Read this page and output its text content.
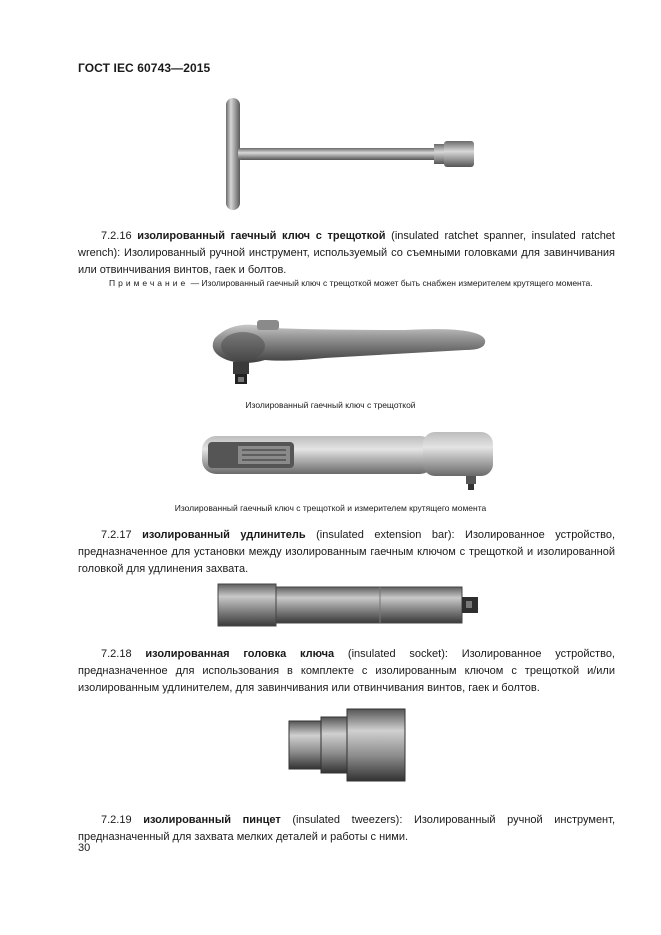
ГОСТ IEC 60743—2015
7.2.16 изолированный гаечный ключ с трещоткой (insulated ratchet spanner, insulated ratchet wrench): Изолированный ручной инструмент, используемый со съемными головками для завинчивания или отвинчивания винтов, гаек и болтов.
Примечание — Изолированный гаечный ключ с трещоткой может быть снабжен измерителем крутящего момента.
Изолированный гаечный ключ с трещоткой
Изолированный гаечный ключ с трещоткой и измерителем крутящего момента
7.2.17 изолированный удлинитель (insulated extension bar): Изолированное устройство, предназначенное для установки между изолированным гаечным ключом с трещоткой и изолированной головкой для удлинения захвата.
7.2.18 изолированная головка ключа (insulated socket): Изолированное устройство, предназначенное для использования в комплекте с изолированным ключом с трещоткой и/или изолированным удлинителем, для завинчивания или отвинчивания винтов, гаек и болтов.
7.2.19 изолированный пинцет (insulated tweezers): Изолированный ручной инструмент, предназначенный для захвата мелких деталей и работы с ними.
30
